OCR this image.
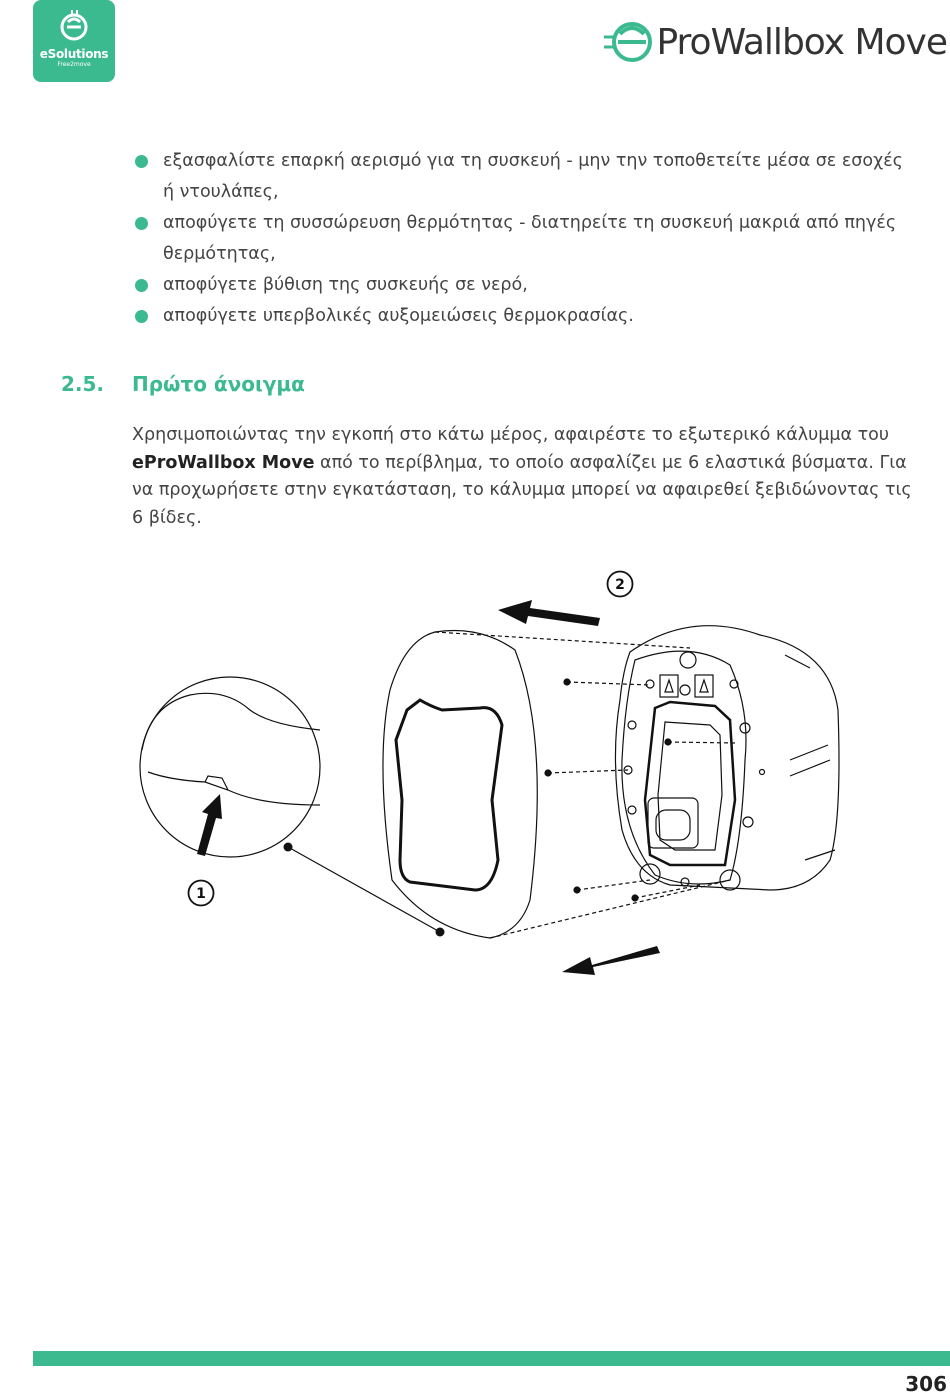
eSolutions
Free2move
ProWallbox Move
εξασφαλίστε επαρκή αερισμό για τη συσκευή - μην την τοποθετείτε μέσα σε εσοχές ή ντουλάπες,
αποφύγετε τη συσσώρευση θερμότητας - διατηρείτε τη συσκευή μακριά από πηγές θερμότητας,
αποφύγετε βύθιση της συσκευής σε νερό,
αποφύγετε υπερβολικές αυξομειώσεις θερμοκρασίας.
2.5. Πρώτο άνοιγμα

Χρησιμοποιώντας την εγκοπή στο κάτω μέρος, αφαιρέστε το εξωτερικό κάλυμμα του eProWallbox Move από το περίβλημα, το οποίο ασφαλίζει με 6 ελαστικά βύσματα. Για να προχωρήσετε στην εγκατάσταση, το κάλυμμα μπορεί να αφαιρεθεί ξεβιδώνοντας τις 6 βίδες.

1
2
306
